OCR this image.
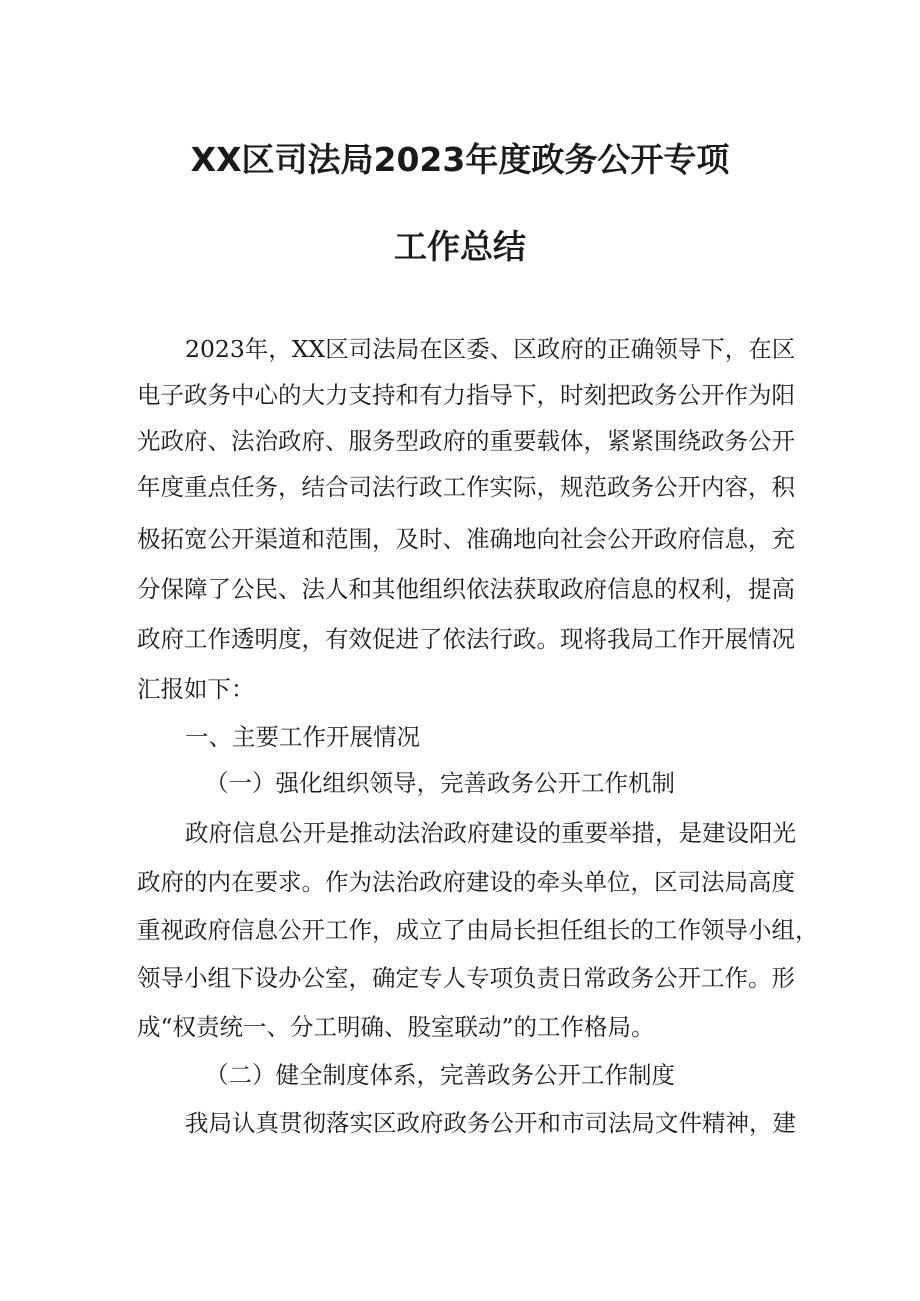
XX区司法局2023年度政务公开专项
工作总结
2023年，XX区司法局在区委、区政府的正确领导下，在区
电子政务中心的大力支持和有力指导下，时刻把政务公开作为阳
光政府、法治政府、服务型政府的重要载体，紧紧围绕政务公开
年度重点任务，结合司法行政工作实际，规范政务公开内容，积
极拓宽公开渠道和范围，及时、准确地向社会公开政府信息，充
分保障了公民、法人和其他组织依法获取政府信息的权利，提高
政府工作透明度，有效促进了依法行政。现将我局工作开展情况
汇报如下：
一、主要工作开展情况
（一）强化组织领导，完善政务公开工作机制
政府信息公开是推动法治政府建设的重要举措，是建设阳光
政府的内在要求。作为法治政府建设的牵头单位，区司法局高度
重视政府信息公开工作，成立了由局长担任组长的工作领导小组，
领导小组下设办公室，确定专人专项负责日常政务公开工作。形
成“权责统一、分工明确、股室联动”的工作格局。
（二）健全制度体系，完善政务公开工作制度
我局认真贯彻落实区政府政务公开和市司法局文件精神，建
